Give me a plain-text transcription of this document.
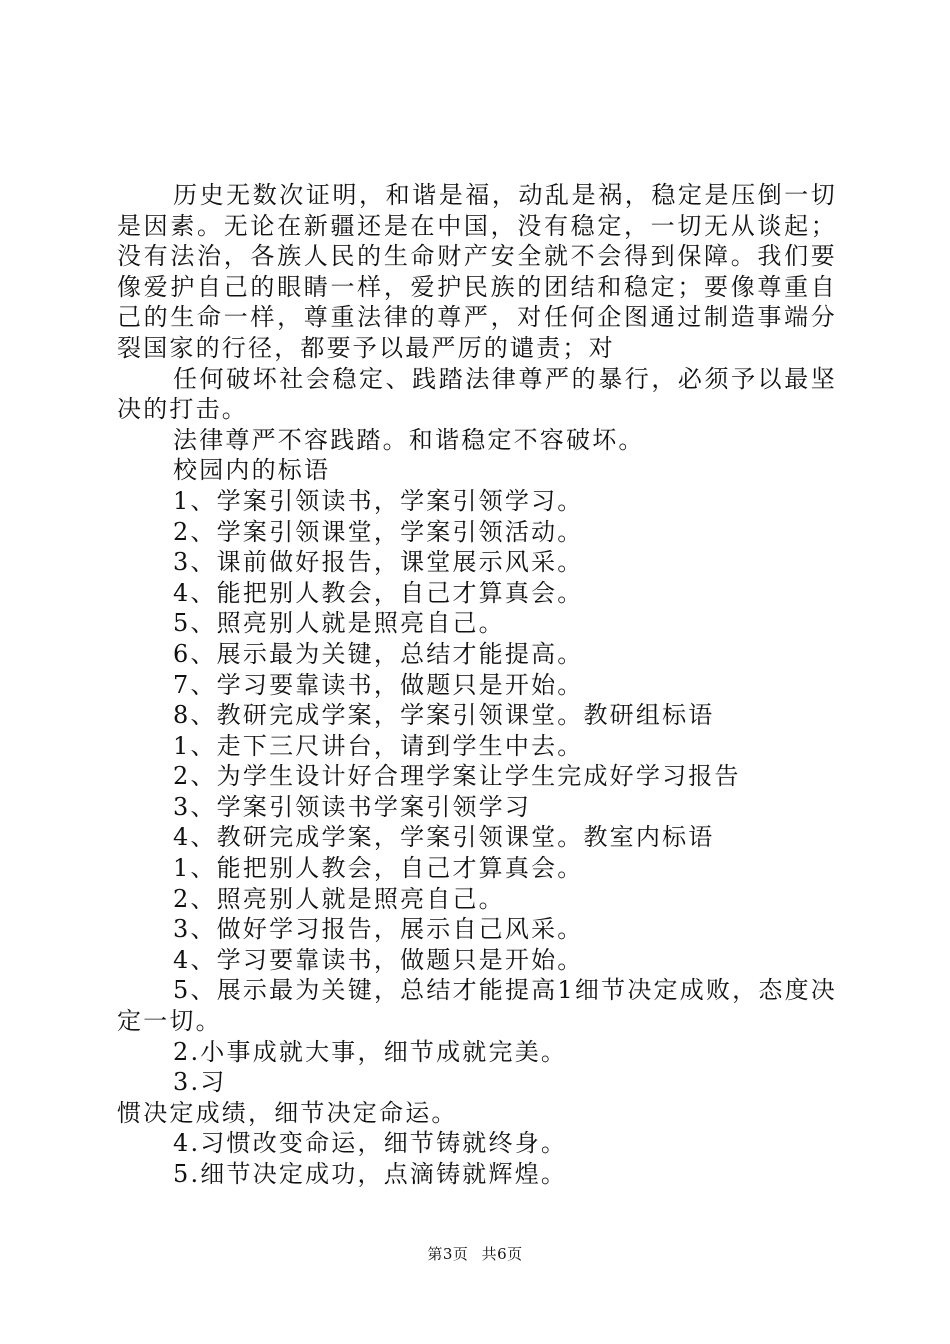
历史无数次证明，和谐是福，动乱是祸，稳定是压倒一切是因素。无论在新疆还是在中国，没有稳定，一切无从谈起；没有法治，各族人民的生命财产安全就不会得到保障。我们要像爱护自己的眼睛一样，爱护民族的团结和稳定；要像尊重自己的生命一样，尊重法律的尊严，对任何企图通过制造事端分裂国家的行径，都要予以最严厉的谴责；对

任何破坏社会稳定、践踏法律尊严的暴行，必须予以最坚决的打击。

法律尊严不容践踏。和谐稳定不容破坏。

校园内的标语

1、学案引领读书，学案引领学习。

2、学案引领课堂，学案引领活动。

3、课前做好报告，课堂展示风采。

4、能把别人教会，自己才算真会。

5、照亮别人就是照亮自己。

6、展示最为关键，总结才能提高。

7、学习要靠读书，做题只是开始。

8、教研完成学案，学案引领课堂。教研组标语

1、走下三尺讲台，请到学生中去。

2、为学生设计好合理学案让学生完成好学习报告

3、学案引领读书学案引领学习

4、教研完成学案，学案引领课堂。教室内标语

1、能把别人教会，自己才算真会。

2、照亮别人就是照亮自己。

3、做好学习报告，展示自己风采。

4、学习要靠读书，做题只是开始。

5、展示最为关键，总结才能提高1细节决定成败，态度决定一切。

2.小事成就大事，细节成就完美。

3.习

惯决定成绩，细节决定命运。

4.习惯改变命运，细节铸就终身。

5.细节决定成功，点滴铸就辉煌。

第3页 共6页
